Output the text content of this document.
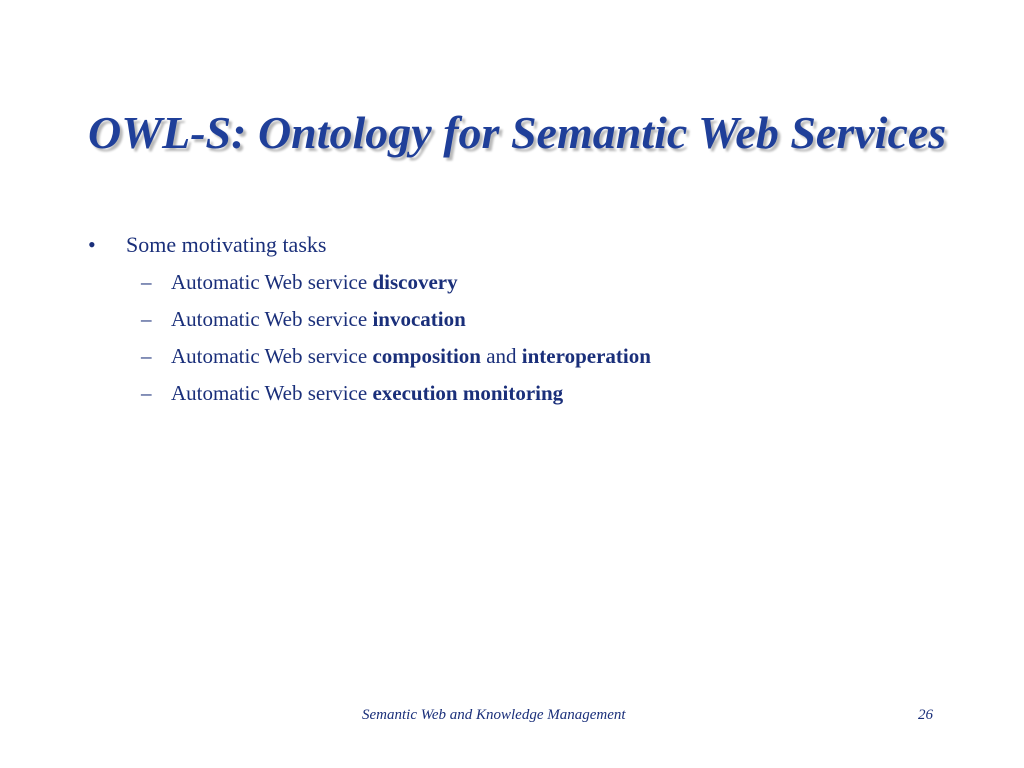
OWL-S: Ontology for Semantic Web Services
• Some motivating tasks
– Automatic Web service discovery
– Automatic Web service invocation
– Automatic Web service composition and interoperation
– Automatic Web service execution monitoring
Semantic Web and Knowledge Management	26
